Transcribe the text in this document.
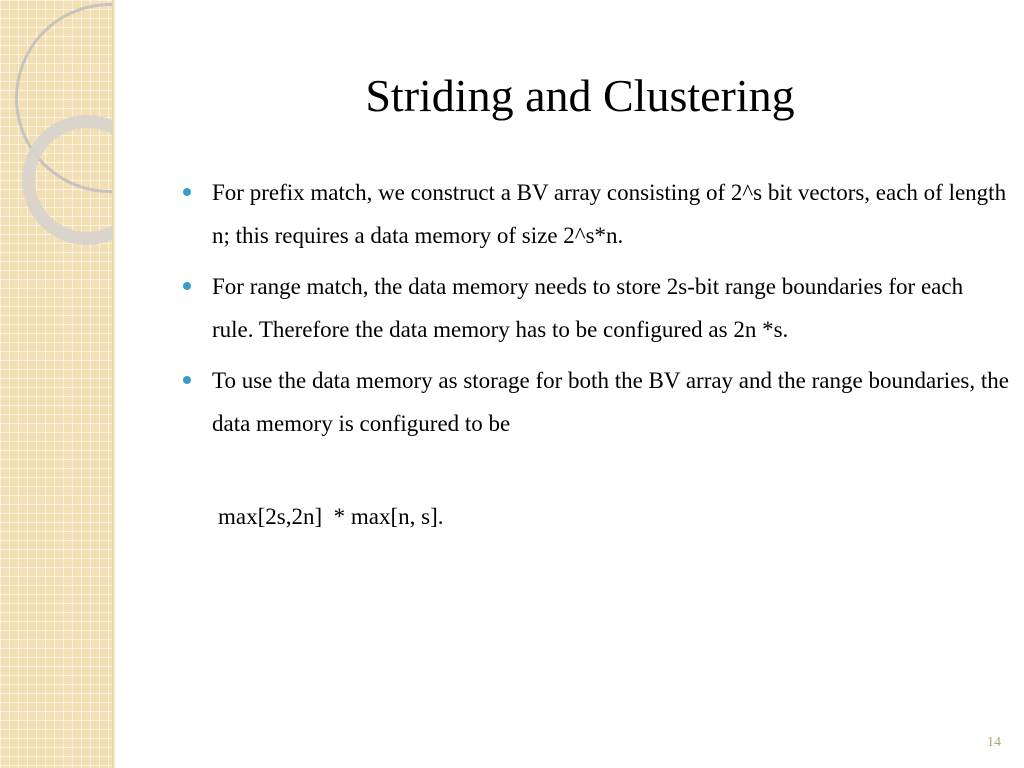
Striding and Clustering
For prefix match, we construct a BV array consisting of 2^s bit vectors, each of length n; this requires a data memory of size 2^s*n.
For range match, the data memory needs to store 2s-bit range boundaries for each rule. Therefore the data memory has to be configured as 2n *s.
To use the data memory as storage for both the BV array and the range boundaries, the data memory is configured to be
max[2s,2n]  * max[n, s].
14
